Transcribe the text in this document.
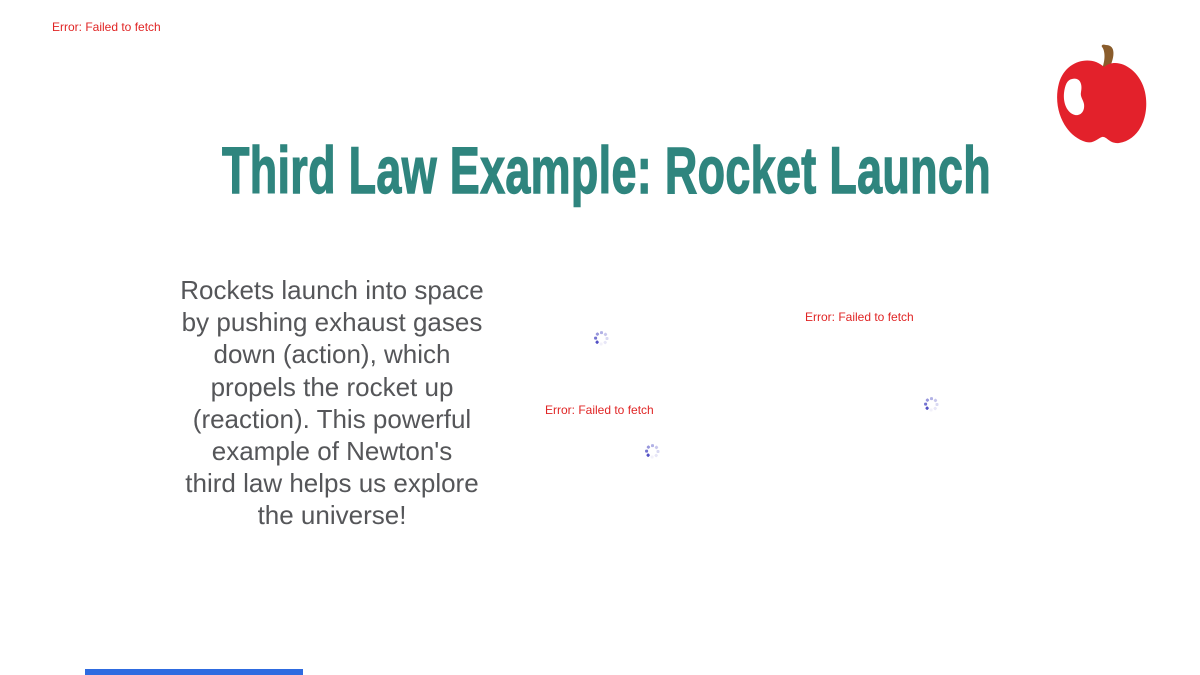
Error: Failed to fetch
Third Law Example: Rocket Launch
Rockets launch into space
by pushing exhaust gases
down (action), which
propels the rocket up
(reaction). This powerful
example of Newton's
third law helps us explore
the universe!
Error: Failed to fetch
Error: Failed to fetch
